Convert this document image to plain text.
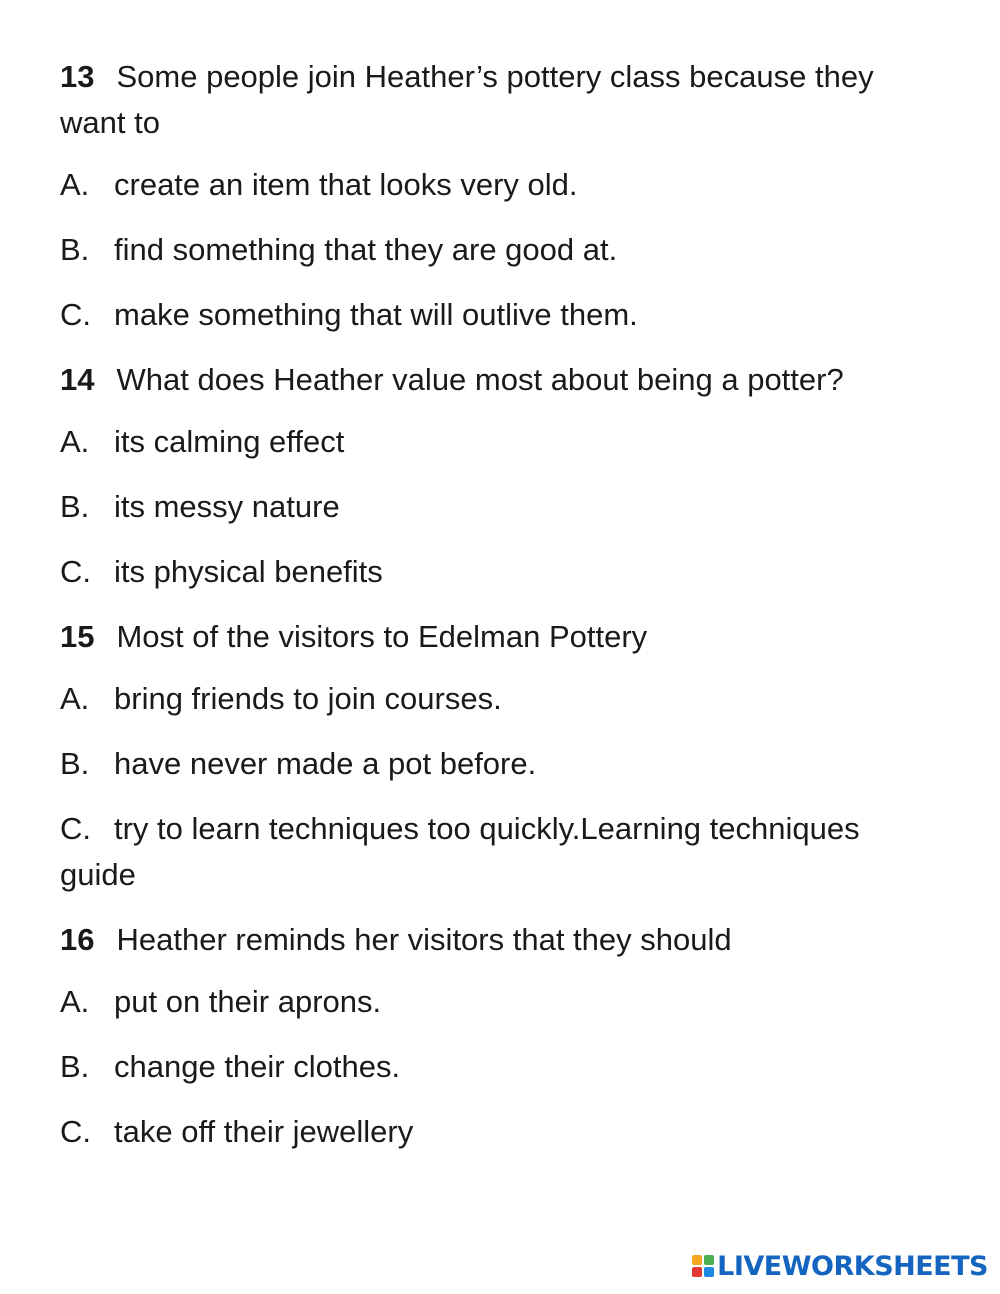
13 Some people join Heather’s pottery class because they want to
A. create an item that looks very old.
B. find something that they are good at.
C. make something that will outlive them.
14 What does Heather value most about being a potter?
A. its calming effect
B. its messy nature
C. its physical benefits
15 Most of the visitors to Edelman Pottery
A. bring friends to join courses.
B. have never made a pot before.
C. try to learn techniques too quickly.Learning techniques guide
16 Heather reminds her visitors that they should
A. put on their aprons.
B. change their clothes.
C. take off their jewellery
LIVEWORKSHEETS
